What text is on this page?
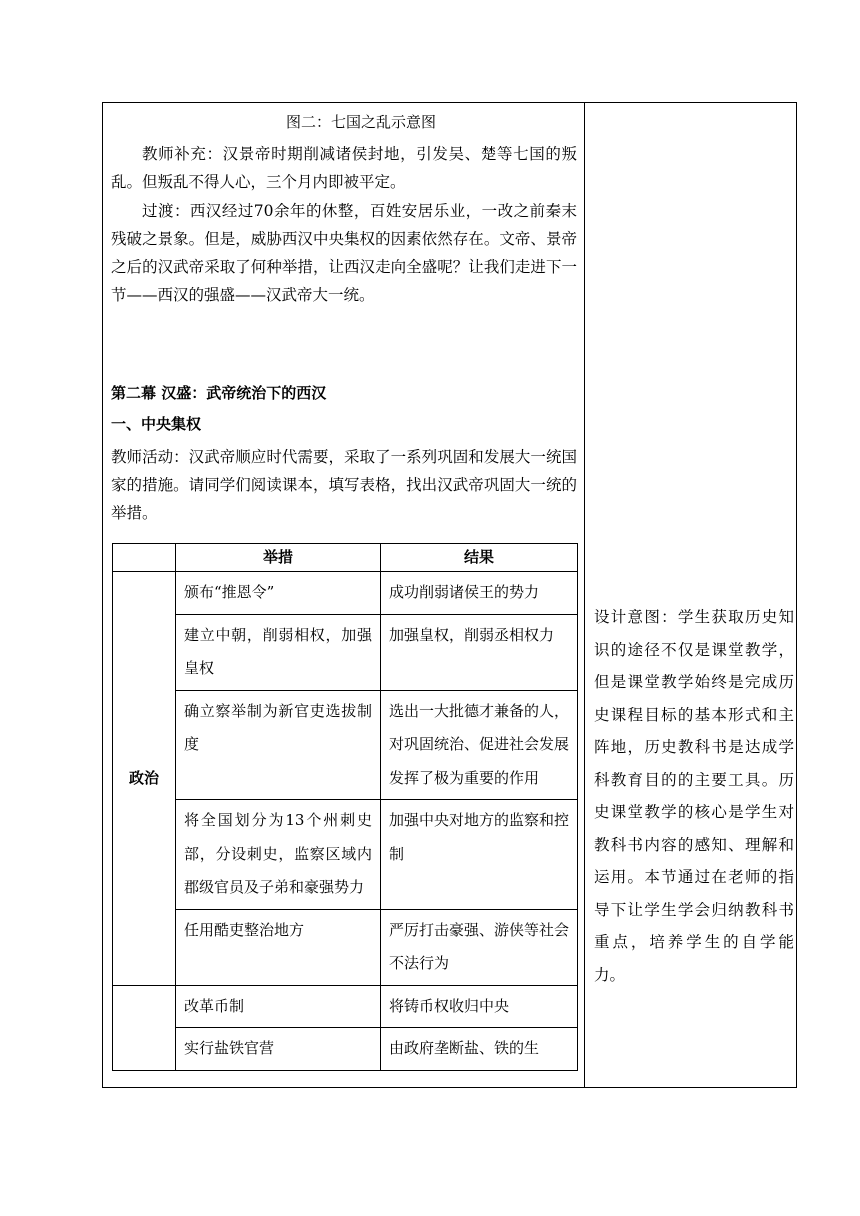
图二：七国之乱示意图
教师补充：汉景帝时期削减诸侯封地，引发吴、楚等七国的叛乱。但叛乱不得人心，三个月内即被平定。
过渡：西汉经过70余年的休整，百姓安居乐业，一改之前秦末残破之景象。但是，威胁西汉中央集权的因素依然存在。文帝、景帝之后的汉武帝采取了何种举措，让西汉走向全盛呢？让我们走进下一节——西汉的强盛——汉武帝大一统。
第二幕 汉盛：武帝统治下的西汉
一、中央集权
教师活动：汉武帝顺应时代需要，采取了一系列巩固和发展大一统国家的措施。请同学们阅读课本，填写表格，找出汉武帝巩固大一统的举措。
	举措	结果
政治	颁布“推恩令”	成功削弱诸侯王的势力
	建立中朝，削弱相权，加强皇权	加强皇权，削弱丞相权力
	确立察举制为新官吏选拔制度	选出一大批德才兼备的人，对巩固统治、促进社会发展发挥了极为重要的作用
	将全国划分为13个州刺史部，分设刺史，监察区域内郡级官员及子弟和豪强势力	加强中央对地方的监察和控制
	任用酷吏整治地方	严厉打击豪强、游侠等社会不法行为
	改革币制	将铸币权收归中央
	实行盐铁官营	由政府垄断盐、铁的生
设计意图：学生获取历史知识的途径不仅是课堂教学，但是课堂教学始终是完成历史课程目标的基本形式和主阵地，历史教科书是达成学科教育目的的主要工具。历史课堂教学的核心是学生对教科书内容的感知、理解和运用。本节通过在老师的指导下让学生学会归纳教科书重点，培养学生的自学能力。
